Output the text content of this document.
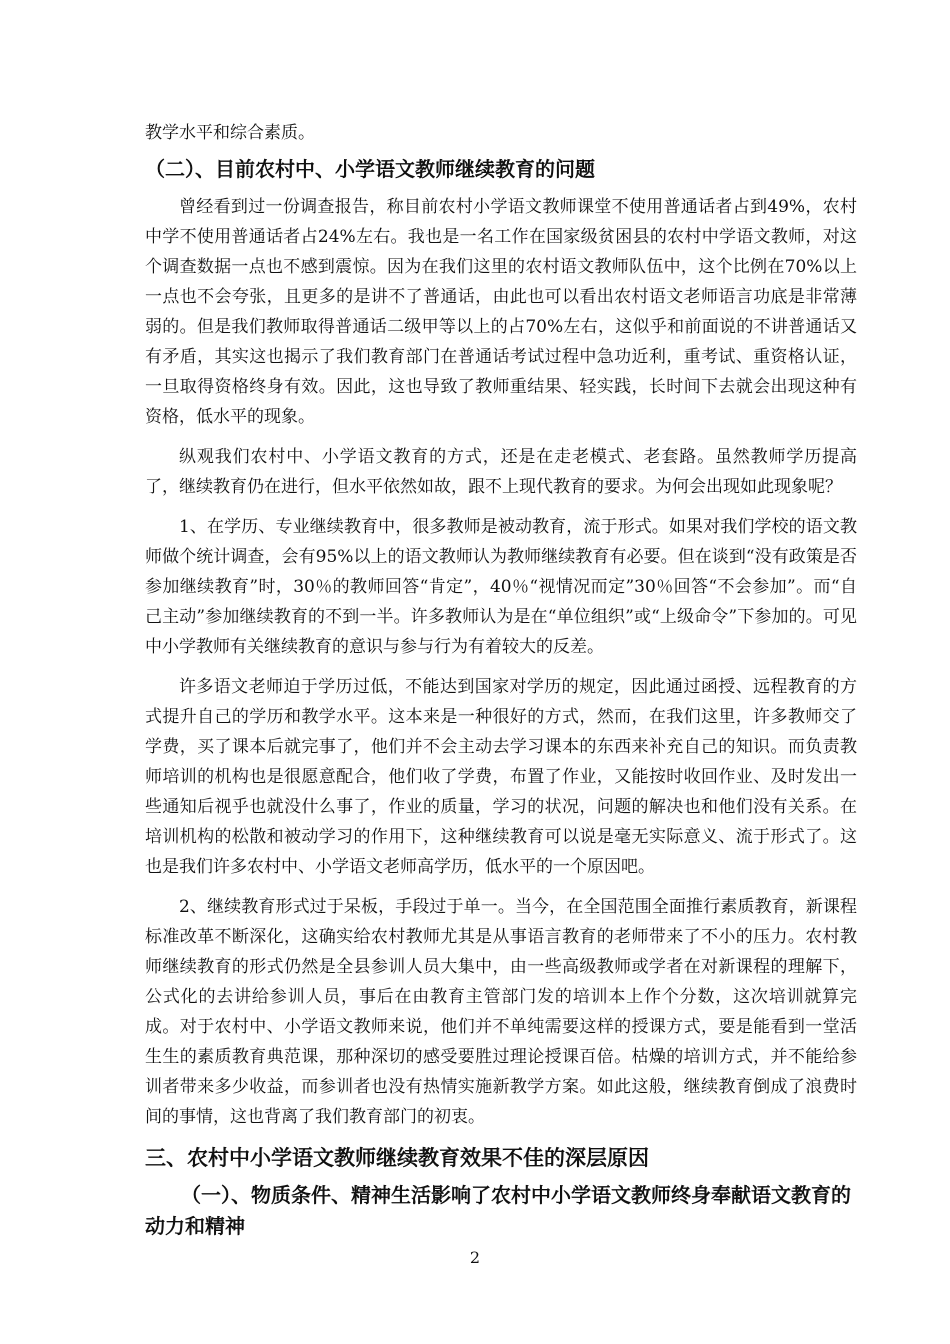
教学水平和综合素质。

（二）、目前农村中、小学语文教师继续教育的问题

曾经看到过一份调查报告，称目前农村小学语文教师课堂不使用普通话者占到49%，农村中学不使用普通话者占24%左右。我也是一名工作在国家级贫困县的农村中学语文教师，对这个调查数据一点也不感到震惊。因为在我们这里的农村语文教师队伍中，这个比例在70%以上一点也不会夸张，且更多的是讲不了普通话，由此也可以看出农村语文老师语言功底是非常薄弱的。但是我们教师取得普通话二级甲等以上的占70%左右，这似乎和前面说的不讲普通话又有矛盾，其实这也揭示了我们教育部门在普通话考试过程中急功近利，重考试、重资格认证，一旦取得资格终身有效。因此，这也导致了教师重结果、轻实践，长时间下去就会出现这种有资格，低水平的现象。

纵观我们农村中、小学语文教育的方式，还是在走老模式、老套路。虽然教师学历提高了，继续教育仍在进行，但水平依然如故，跟不上现代教育的要求。为何会出现如此现象呢？

1、在学历、专业继续教育中，很多教师是被动教育，流于形式。如果对我们学校的语文教师做个统计调查，会有95%以上的语文教师认为教师继续教育有必要。但在谈到“没有政策是否参加继续教育”时，30％的教师回答“肯定”，40％“视情况而定”30％回答“不会参加”。而“自己主动”参加继续教育的不到一半。许多教师认为是在“单位组织”或“上级命令”下参加的。可见中小学教师有关继续教育的意识与参与行为有着较大的反差。

许多语文老师迫于学历过低，不能达到国家对学历的规定，因此通过函授、远程教育的方式提升自己的学历和教学水平。这本来是一种很好的方式，然而，在我们这里，许多教师交了学费，买了课本后就完事了，他们并不会主动去学习课本的东西来补充自己的知识。而负责教师培训的机构也是很愿意配合，他们收了学费，布置了作业，又能按时收回作业、及时发出一些通知后视乎也就没什么事了，作业的质量，学习的状况，问题的解决也和他们没有关系。在培训机构的松散和被动学习的作用下，这种继续教育可以说是毫无实际意义、流于形式了。这也是我们许多农村中、小学语文老师高学历，低水平的一个原因吧。

2、继续教育形式过于呆板，手段过于单一。当今，在全国范围全面推行素质教育，新课程标准改革不断深化，这确实给农村教师尤其是从事语言教育的老师带来了不小的压力。农村教师继续教育的形式仍然是全县参训人员大集中，由一些高级教师或学者在对新课程的理解下，公式化的去讲给参训人员，事后在由教育主管部门发的培训本上作个分数，这次培训就算完成。对于农村中、小学语文教师来说，他们并不单纯需要这样的授课方式，要是能看到一堂活生生的素质教育典范课，那种深切的感受要胜过理论授课百倍。枯燥的培训方式，并不能给参训者带来多少收益，而参训者也没有热情实施新教学方案。如此这般，继续教育倒成了浪费时间的事情，这也背离了我们教育部门的初衷。

三、农村中小学语文教师继续教育效果不佳的深层原因
（一）、物质条件、精神生活影响了农村中小学语文教师终身奉献语文教育的动力和精神
2
